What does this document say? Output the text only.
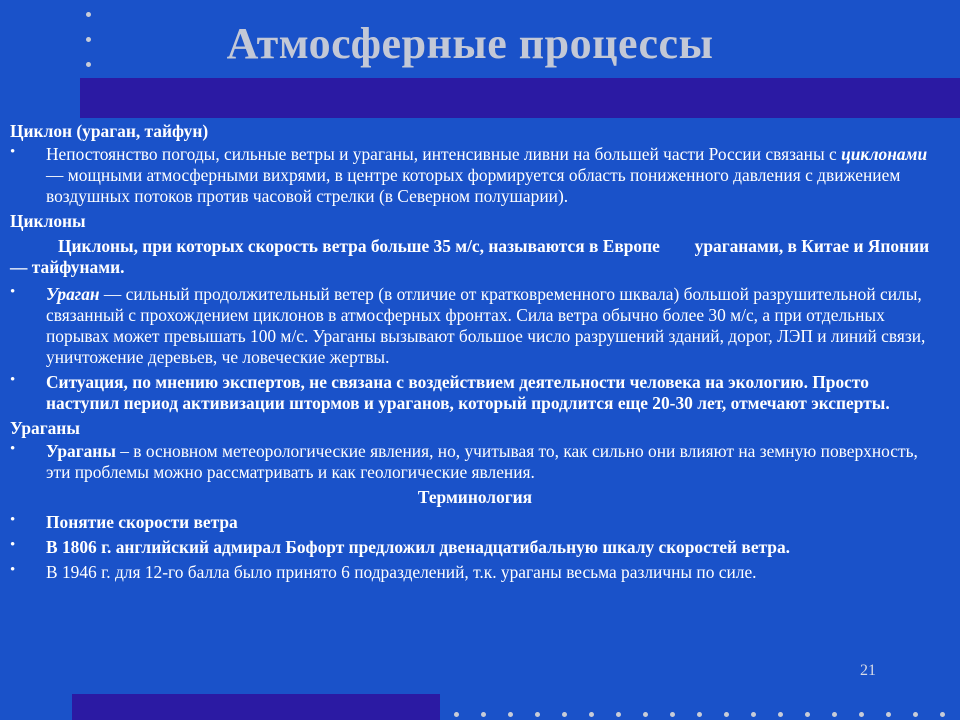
Атмосферные процессы
Циклон (ураган, тайфун)
• Непостоянство погоды, сильные ветры и ураганы, интенсивные ливни на большей части России связаны с циклонами — мощными атмосферными вихрями, в центре которых формируется область пониженного давления с движением воздушных потоков против часовой стрелки (в Северном полушарии).
Циклоны
Циклоны, при которых скорость ветра больше 35 м/с, называются в Европе        ураганами, в Китае и Японии — тайфунами.
• Ураган — сильный продолжительный ветер (в отличие от кратковременного шквала) большой разрушительной силы, связанный с прохождением циклонов в атмосферных фронтах. Сила ветра обычно более 30 м/с, а при отдельных порывах может превышать 100 м/с. Ураганы вызывают большое число разрушений зданий, дорог, ЛЭП и линий связи, уничтожение деревьев, че ловеческие жертвы.
• Ситуация, по мнению экспертов, не связана с воздействием деятельности человека на экологию. Просто наступил период активизации штормов и ураганов, который продлится еще 20-30 лет, отмечают эксперты.
Ураганы
• Ураганы – в основном метеорологические явления, но, учитывая то, как сильно они влияют на земную поверхность, эти проблемы можно рассматривать и как геологические явления.
Терминология
• Понятие скорости ветра
• В 1806 г. английский адмирал Бофорт предложил двенадцатибальную шкалу скоростей ветра.
• В 1946 г. для 12-го балла было принято 6 подразделений, т.к. ураганы весьма различны по силе.
21
